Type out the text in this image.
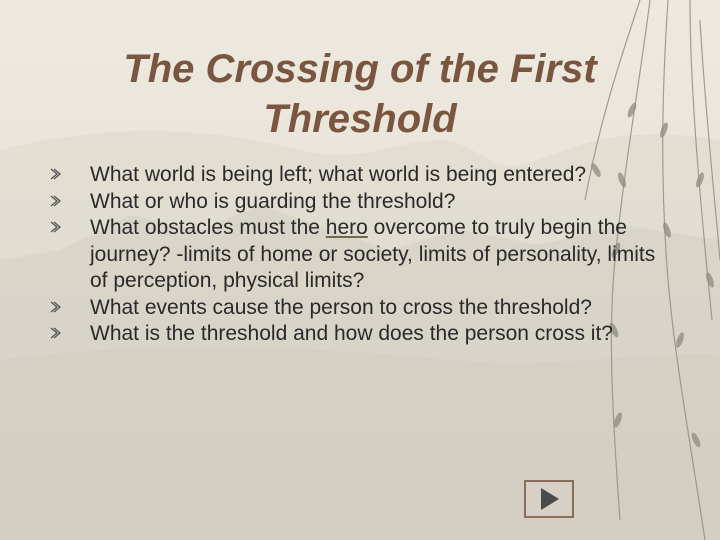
The Crossing of the First
Threshold
What world is being left; what world is being entered?
What or who is guarding the threshold?
What obstacles must the hero overcome to truly begin the journey? -limits of home or society, limits of personality, limits of perception, physical limits?
What events cause the person to cross the threshold?
What is the threshold and how does the person cross it?
